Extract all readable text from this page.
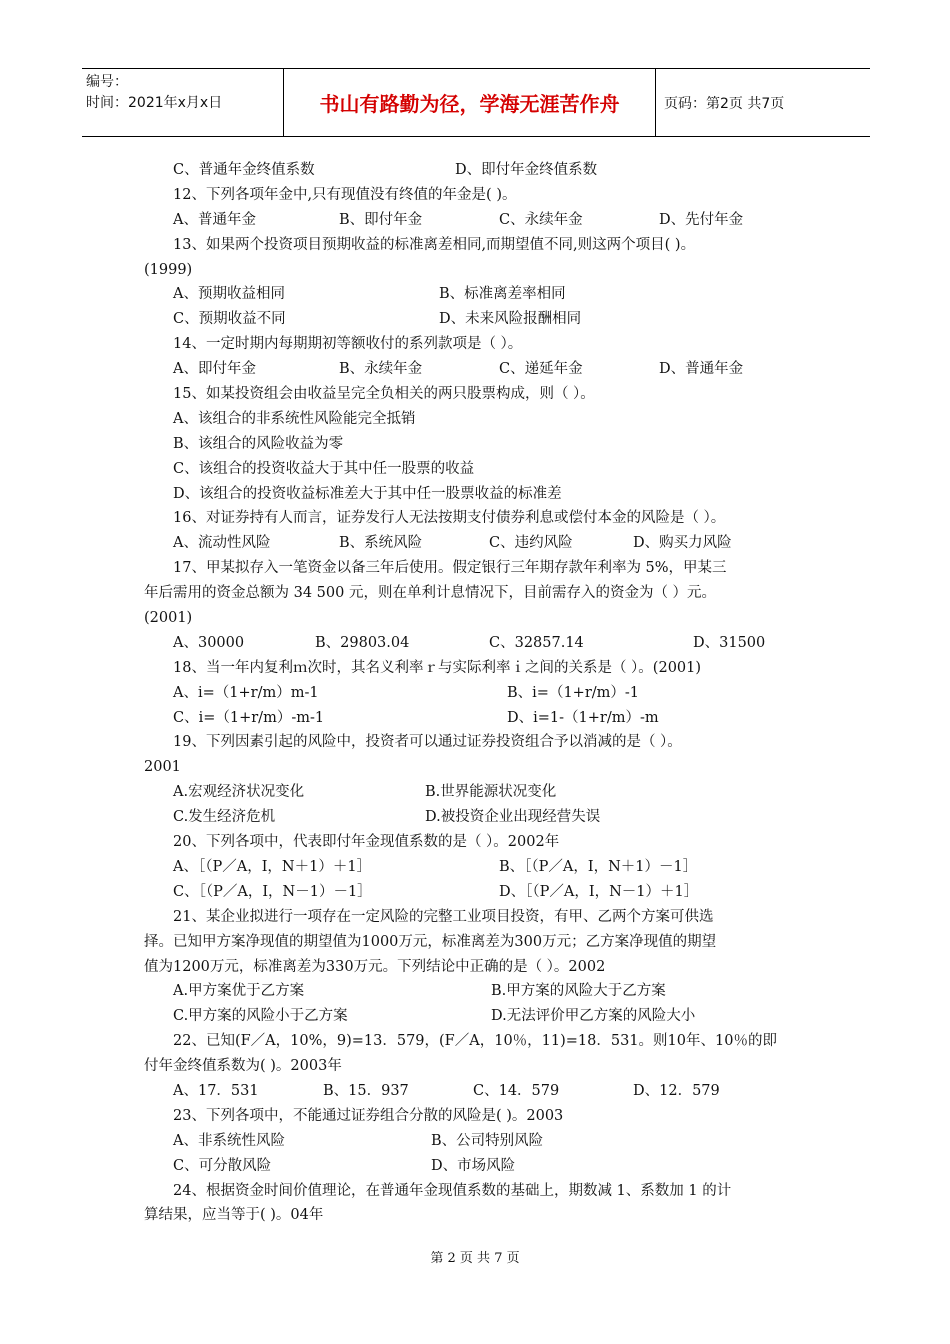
编号：
时间：2021年x月x日	书山有路勤为径，学海无涯苦作舟	页码：第2页 共7页
C、普通年金终值系数	D、即付年金终值系数
12、下列各项年金中,只有现值没有终值的年金是( )。
A、普通年金	B、即付年金	C、永续年金	D、先付年金
13、如果两个投资项目预期收益的标准离差相同,而期望值不同,则这两个项目( )。
(1999)
A、预期收益相同	B、标准离差率相同
C、预期收益不同	D、未来风险报酬相同
14、一定时期内每期期初等额收付的系列款项是（ ）。
A、即付年金	B、永续年金	C、递延年金	D、普通年金
15、如某投资组会由收益呈完全负相关的两只股票构成，则（ ）。
A、该组合的非系统性风险能完全抵销
B、该组合的风险收益为零
C、该组合的投资收益大于其中任一股票的收益
D、该组合的投资收益标准差大于其中任一股票收益的标准差
16、对证券持有人而言，证券发行人无法按期支付债券利息或偿付本金的风险是（ ）。
A、流动性风险	B、系统风险	C、违约风险	D、购买力风险
17、甲某拟存入一笔资金以备三年后使用。假定银行三年期存款年利率为 5%，甲某三
年后需用的资金总额为 34 500 元，则在单利计息情况下，目前需存入的资金为（ ）元。
(2001)
A、30000	B、29803.04	C、32857.14	D、31500
18、当一年内复利ｍ次时，其名义利率ｒ与实际利率ｉ之间的关系是（ ）。(2001)
A、i=（1+r/m）m-1	B、i=（1+r/m）-1
C、i=（1+r/m）-m-1	D、i=1-（1+r/m）-m
19、下列因素引起的风险中，投资者可以通过证券投资组合予以消减的是（ ）。
2001
A.宏观经济状况变化	B.世界能源状况变化
C.发生经济危机	D.被投资企业出现经营失误
20、下列各项中，代表即付年金现值系数的是（ ）。2002年
A、［（P／A，I，N＋1）＋1］	B、［（P／A，I，N＋1）－1］
C、［（P／A，I，N－1）－1］	D、［（P／A，I，N－1）＋1］
21、某企业拟进行一项存在一定风险的完整工业项目投资，有甲、乙两个方案可供选
择。已知甲方案净现值的期望值为1000万元，标准离差为300万元；乙方案净现值的期望
值为1200万元，标准离差为330万元。下列结论中正确的是（ ）。2002
A.甲方案优于乙方案	B.甲方案的风险大于乙方案
C.甲方案的风险小于乙方案	D.无法评价甲乙方案的风险大小
22、已知(F／A，10%，9)=13．579，(F／A，10％，11)=18．531。则10年、10％的即
付年金终值系数为( )。2003年
A、17．531	B、15．937	C、14．579	D、12．579
23、下列各项中，不能通过证券组合分散的风险是( )。2003
A、非系统性风险	B、公司特别风险
C、可分散风险	D、市场风险
24、根据资金时间价值理论，在普通年金现值系数的基础上，期数减 1、系数加 1 的计
算结果，应当等于( )。04年
第 2 页 共 7 页
